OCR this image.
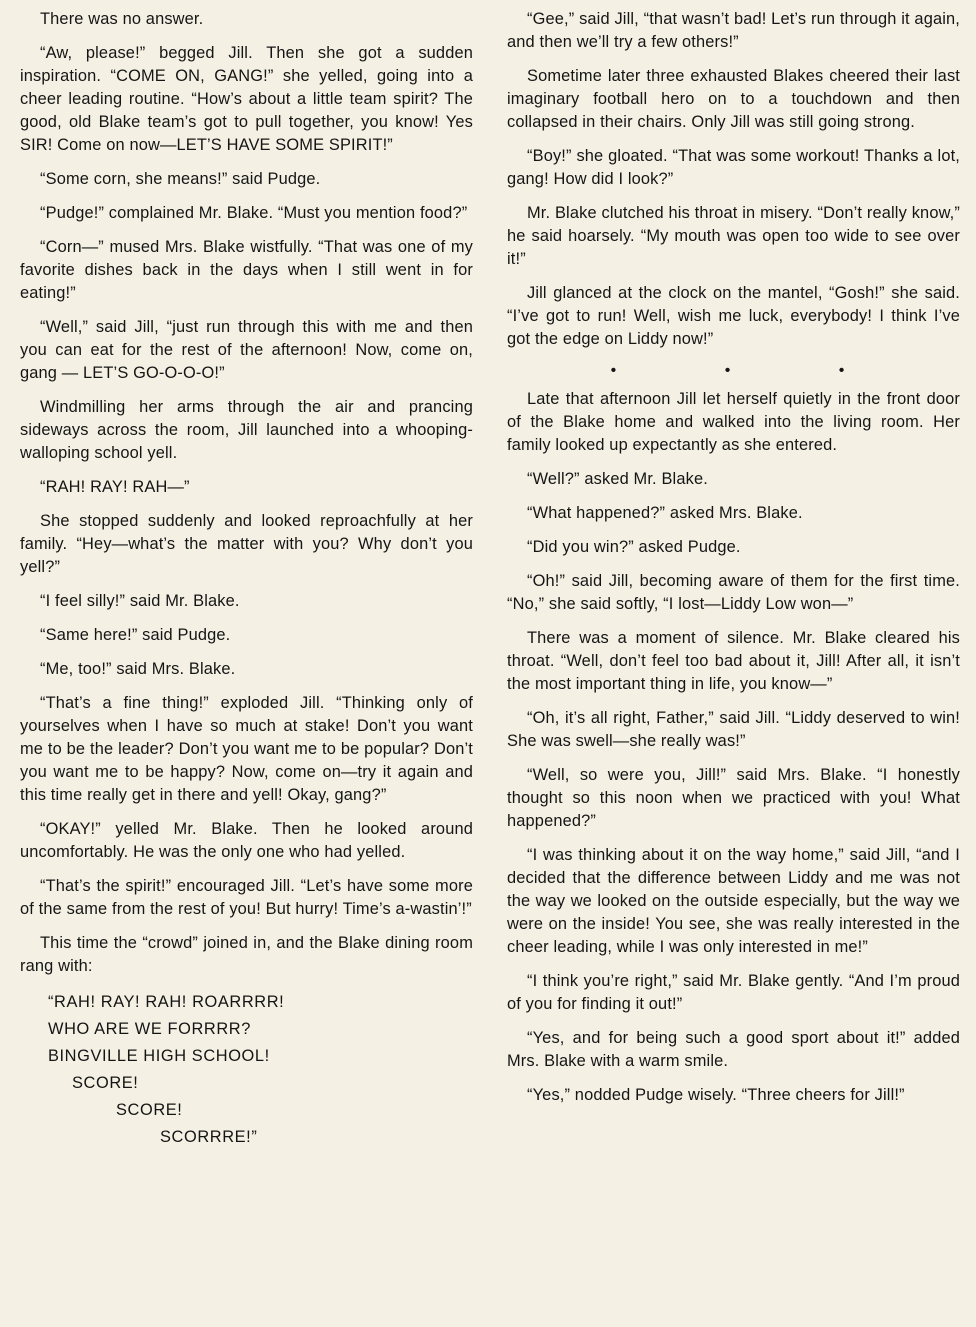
There was no answer.

“Aw, please!” begged Jill. Then she got a sudden inspiration. “COME ON, GANG!” she yelled, going into a cheer leading routine. “How’s about a little team spirit? The good, old Blake team’s got to pull together, you know! Yes SIR! Come on now—LET’S HAVE SOME SPIRIT!”

“Some corn, she means!” said Pudge.

“Pudge!” complained Mr. Blake. “Must you mention food?”

“Corn—” mused Mrs. Blake wistfully. “That was one of my favorite dishes back in the days when I still went in for eating!”

“Well,” said Jill, “just run through this with me and then you can eat for the rest of the afternoon! Now, come on, gang — LET’S GO-O-O-O!”

Windmilling her arms through the air and prancing sideways across the room, Jill launched into a whooping-walloping school yell.

“RAH! RAY! RAH—”

She stopped suddenly and looked reproachfully at her family. “Hey—what’s the matter with you? Why don’t you yell?”

“I feel silly!” said Mr. Blake.

“Same here!” said Pudge.

“Me, too!” said Mrs. Blake.

“That’s a fine thing!” exploded Jill. “Thinking only of yourselves when I have so much at stake! Don’t you want me to be the leader? Don’t you want me to be popular? Don’t you want me to be happy? Now, come on—try it again and this time really get in there and yell! Okay, gang?”

“OKAY!” yelled Mr. Blake. Then he looked around uncomfortably. He was the only one who had yelled.

“That’s the spirit!” encouraged Jill. “Let’s have some more of the same from the rest of you! But hurry! Time’s a-wastin’!”

This time the “crowd” joined in, and the Blake dining room rang with:

“RAH! RAY! RAH! ROARRRR!
WHO ARE WE FORRRR?
BINGVILLE HIGH SCHOOL!
SCORE!
SCORE!
SCORRRE!”

“Gee,” said Jill, “that wasn’t bad! Let’s run through it again, and then we’ll try a few others!”

Sometime later three exhausted Blakes cheered their last imaginary football hero on to a touchdown and then collapsed in their chairs. Only Jill was still going strong.

“Boy!” she gloated. “That was some workout! Thanks a lot, gang! How did I look?”

Mr. Blake clutched his throat in misery. “Don’t really know,” he said hoarsely. “My mouth was open too wide to see over it!”

Jill glanced at the clock on the mantel, “Gosh!” she said. “I’ve got to run! Well, wish me luck, everybody! I think I’ve got the edge on Liddy now!”

• • •

Late that afternoon Jill let herself quietly in the front door of the Blake home and walked into the living room. Her family looked up expectantly as she entered.

“Well?” asked Mr. Blake.

“What happened?” asked Mrs. Blake.

“Did you win?” asked Pudge.

“Oh!” said Jill, becoming aware of them for the first time. “No,” she said softly, “I lost—Liddy Low won—”

There was a moment of silence. Mr. Blake cleared his throat. “Well, don’t feel too bad about it, Jill! After all, it isn’t the most important thing in life, you know—”

“Oh, it’s all right, Father,” said Jill. “Liddy deserved to win! She was swell—she really was!”

“Well, so were you, Jill!” said Mrs. Blake. “I honestly thought so this noon when we practiced with you! What happened?”

“I was thinking about it on the way home,” said Jill, “and I decided that the difference between Liddy and me was not the way we looked on the outside especially, but the way we were on the inside! You see, she was really interested in the cheer leading, while I was only interested in me!”

“I think you’re right,” said Mr. Blake gently. “And I’m proud of you for finding it out!”

“Yes, and for being such a good sport about it!” added Mrs. Blake with a warm smile.

“Yes,” nodded Pudge wisely. “Three cheers for Jill!”
